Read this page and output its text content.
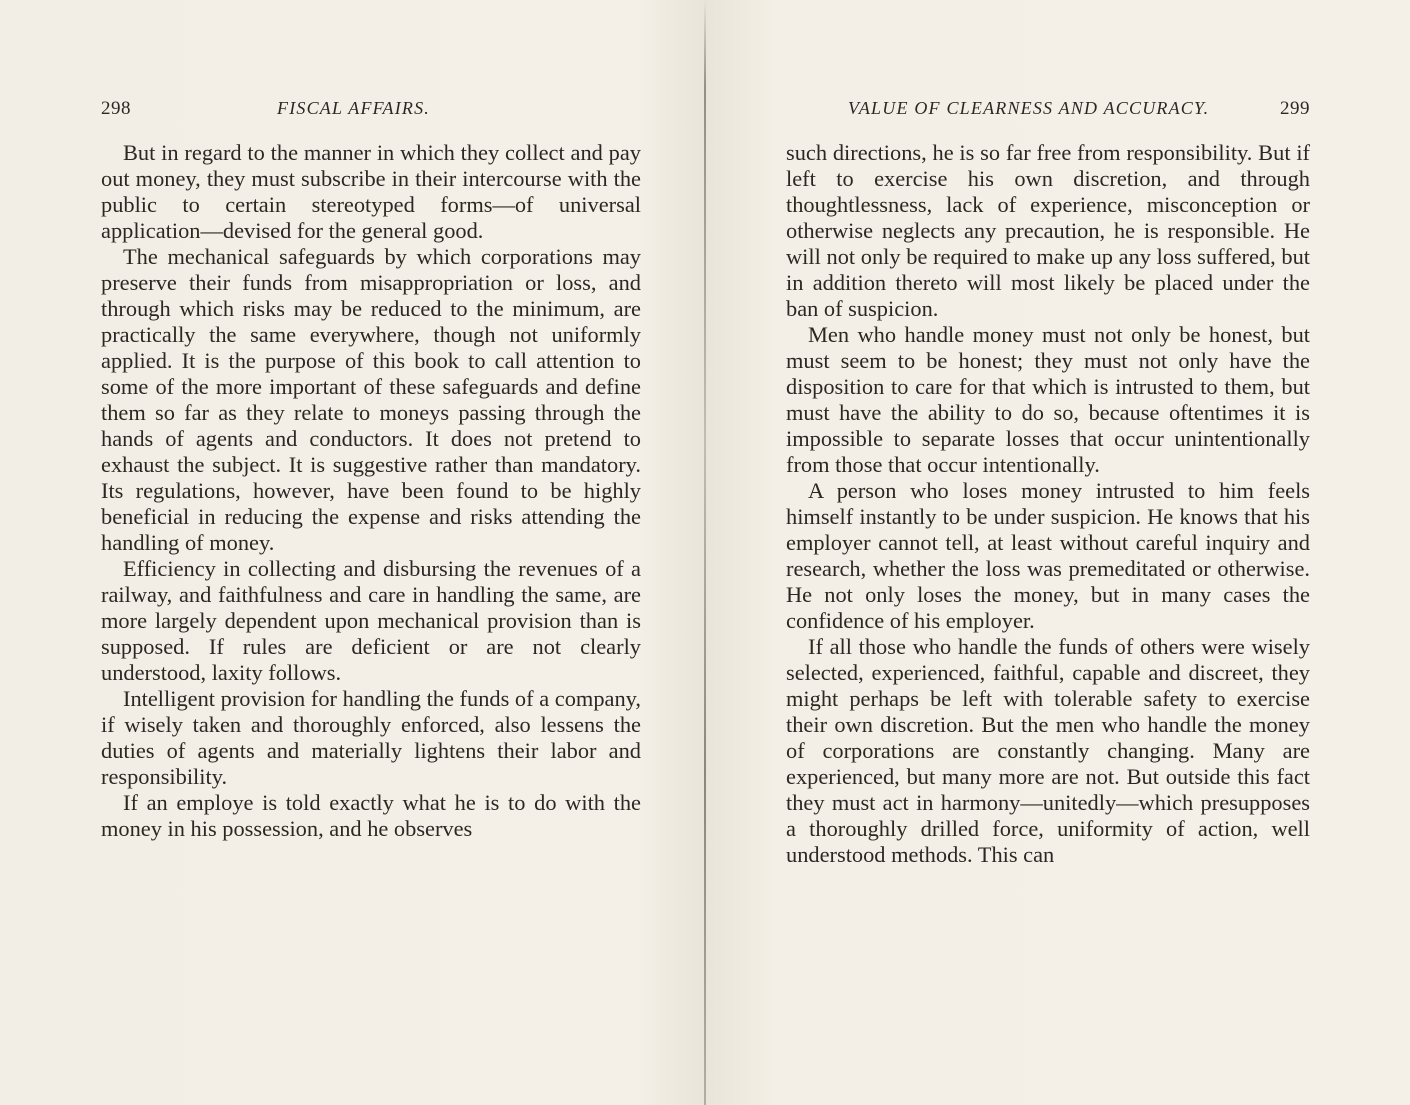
298	FISCAL AFFAIRS.

But in regard to the manner in which they collect and pay out money, they must subscribe in their intercourse with the public to certain stereotyped forms—of universal application—devised for the general good.

The mechanical safeguards by which corporations may preserve their funds from misappropriation or loss, and through which risks may be reduced to the minimum, are practically the same everywhere, though not uniformly applied. It is the purpose of this book to call attention to some of the more important of these safeguards and define them so far as they relate to moneys passing through the hands of agents and conductors. It does not pretend to exhaust the subject. It is suggestive rather than mandatory. Its regulations, however, have been found to be highly beneficial in reducing the expense and risks attending the handling of money.

Efficiency in collecting and disbursing the revenues of a railway, and faithfulness and care in handling the same, are more largely dependent upon mechanical provision than is supposed. If rules are deficient or are not clearly understood, laxity follows.

Intelligent provision for handling the funds of a company, if wisely taken and thoroughly enforced, also lessens the duties of agents and materially lightens their labor and responsibility.

If an employe is told exactly what he is to do with the money in his possession, and he observes

VALUE OF CLEARNESS AND ACCURACY.	299

such directions, he is so far free from responsibility. But if left to exercise his own discretion, and through thoughtlessness, lack of experience, misconception or otherwise neglects any precaution, he is responsible. He will not only be required to make up any loss suffered, but in addition thereto will most likely be placed under the ban of suspicion.

Men who handle money must not only be honest, but must seem to be honest; they must not only have the disposition to care for that which is intrusted to them, but must have the ability to do so, because oftentimes it is impossible to separate losses that occur unintentionally from those that occur intentionally.

A person who loses money intrusted to him feels himself instantly to be under suspicion. He knows that his employer cannot tell, at least without careful inquiry and research, whether the loss was premeditated or otherwise. He not only loses the money, but in many cases the confidence of his employer.

If all those who handle the funds of others were wisely selected, experienced, faithful, capable and discreet, they might perhaps be left with tolerable safety to exercise their own discretion. But the men who handle the money of corporations are constantly changing. Many are experienced, but many more are not. But outside this fact they must act in harmony—unitedly—which presupposes a thoroughly drilled force, uniformity of action, well understood methods. This can
